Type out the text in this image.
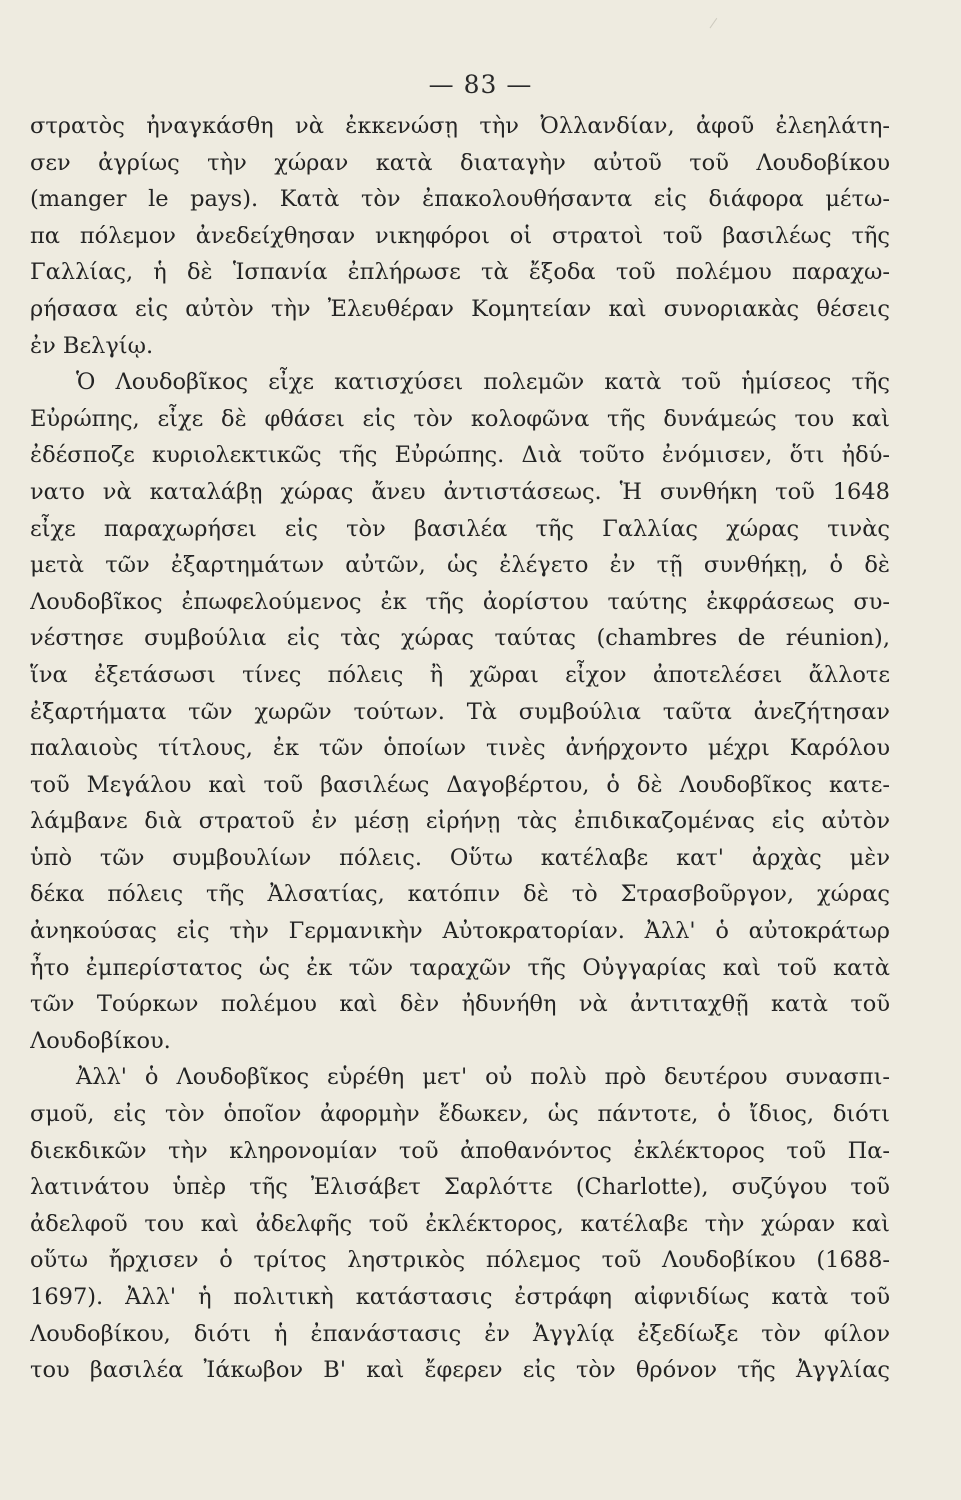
— 83 —
στρατὸς ἠναγκάσθη νὰ ἐκκενώσῃ τὴν Ὀλλανδίαν, ἀφοῦ ἐλεηλάτη-
σεν ἀγρίως τὴν χώραν κατὰ διαταγὴν αὐτοῦ τοῦ Λουδοβίκου
(manger le pays). Κατὰ τὸν ἐπακολουθήσαντα εἰς διάφορα μέτω-
πα πόλεμον ἀνεδείχθησαν νικηφόροι οἱ στρατοὶ τοῦ βασιλέως τῆς
Γαλλίας, ἡ δὲ Ἱσπανία ἐπλήρωσε τὰ ἔξοδα τοῦ πολέμου παραχω-
ρήσασα εἰς αὐτὸν τὴν Ἐλευθέραν Κομητείαν καὶ συνοριακὰς θέσεις
ἐν Βελγίῳ.
Ὁ Λουδοβῖκος εἶχε κατισχύσει πολεμῶν κατὰ τοῦ ἡμίσεος τῆς
Εὐρώπης, εἶχε δὲ φθάσει εἰς τὸν κολοφῶνα τῆς δυνάμεώς του καὶ
ἐδέσποζε κυριολεκτικῶς τῆς Εὐρώπης. Διὰ τοῦτο ἐνόμισεν, ὅτι ἠδύ-
νατο νὰ καταλάβῃ χώρας ἄνευ ἀντιστάσεως. Ἡ συνθήκη τοῦ 1648
εἶχε παραχωρήσει εἰς τὸν βασιλέα τῆς Γαλλίας χώρας τινὰς
μετὰ τῶν ἐξαρτημάτων αὐτῶν, ὡς ἐλέγετο ἐν τῇ συνθήκῃ, ὁ δὲ
Λουδοβῖκος ἐπωφελούμενος ἐκ τῆς ἀορίστου ταύτης ἐκφράσεως συ-
νέστησε συμβούλια εἰς τὰς χώρας ταύτας (chambres de réunion),
ἵνα ἐξετάσωσι τίνες πόλεις ἢ χῶραι εἶχον ἀποτελέσει ἄλλοτε
ἐξαρτήματα τῶν χωρῶν τούτων. Τὰ συμβούλια ταῦτα ἀνεζήτησαν
παλαιοὺς τίτλους, ἐκ τῶν ὁποίων τινὲς ἀνήρχοντο μέχρι Καρόλου
τοῦ Μεγάλου καὶ τοῦ βασιλέως Δαγοβέρτου, ὁ δὲ Λουδοβῖκος κατε-
λάμβανε διὰ στρατοῦ ἐν μέσῃ εἰρήνῃ τὰς ἐπιδικαζομένας εἰς αὐτὸν
ὑπὸ τῶν συμβουλίων πόλεις. Οὕτω κατέλαβε κατ' ἀρχὰς μὲν
δέκα πόλεις τῆς Ἀλσατίας, κατόπιν δὲ τὸ Στρασβοῦργον, χώρας
ἀνηκούσας εἰς τὴν Γερμανικὴν Αὐτοκρατορίαν. Ἀλλ' ὁ αὐτοκράτωρ
ἦτο ἐμπερίστατος ὡς ἐκ τῶν ταραχῶν τῆς Οὐγγαρίας καὶ τοῦ κατὰ
τῶν Τούρκων πολέμου καὶ δὲν ἠδυνήθη νὰ ἀντιταχθῇ κατὰ τοῦ
Λουδοβίκου.
Ἀλλ' ὁ Λουδοβῖκος εὑρέθη μετ' οὐ πολὺ πρὸ δευτέρου συνασπι-
σμοῦ, εἰς τὸν ὁποῖον ἀφορμὴν ἔδωκεν, ὡς πάντοτε, ὁ ἴδιος, διότι
διεκδικῶν τὴν κληρονομίαν τοῦ ἀποθανόντος ἐκλέκτορος τοῦ Πα-
λατινάτου ὑπὲρ τῆς Ἐλισάβετ Σαρλόττε (Charlotte), συζύγου τοῦ
ἀδελφοῦ του καὶ ἀδελφῆς τοῦ ἐκλέκτορος, κατέλαβε τὴν χώραν καὶ
οὕτω ἤρχισεν ὁ τρίτος ληστρικὸς πόλεμος τοῦ Λουδοβίκου (1688-
1697). Ἀλλ' ἡ πολιτικὴ κατάστασις ἐστράφη αἰφνιδίως κατὰ τοῦ
Λουδοβίκου, διότι ἡ ἐπανάστασις ἐν Ἀγγλίᾳ ἐξεδίωξε τὸν φίλον
του βασιλέα Ἰάκωβον Β' καὶ ἔφερεν εἰς τὸν θρόνον τῆς Ἀγγλίας
